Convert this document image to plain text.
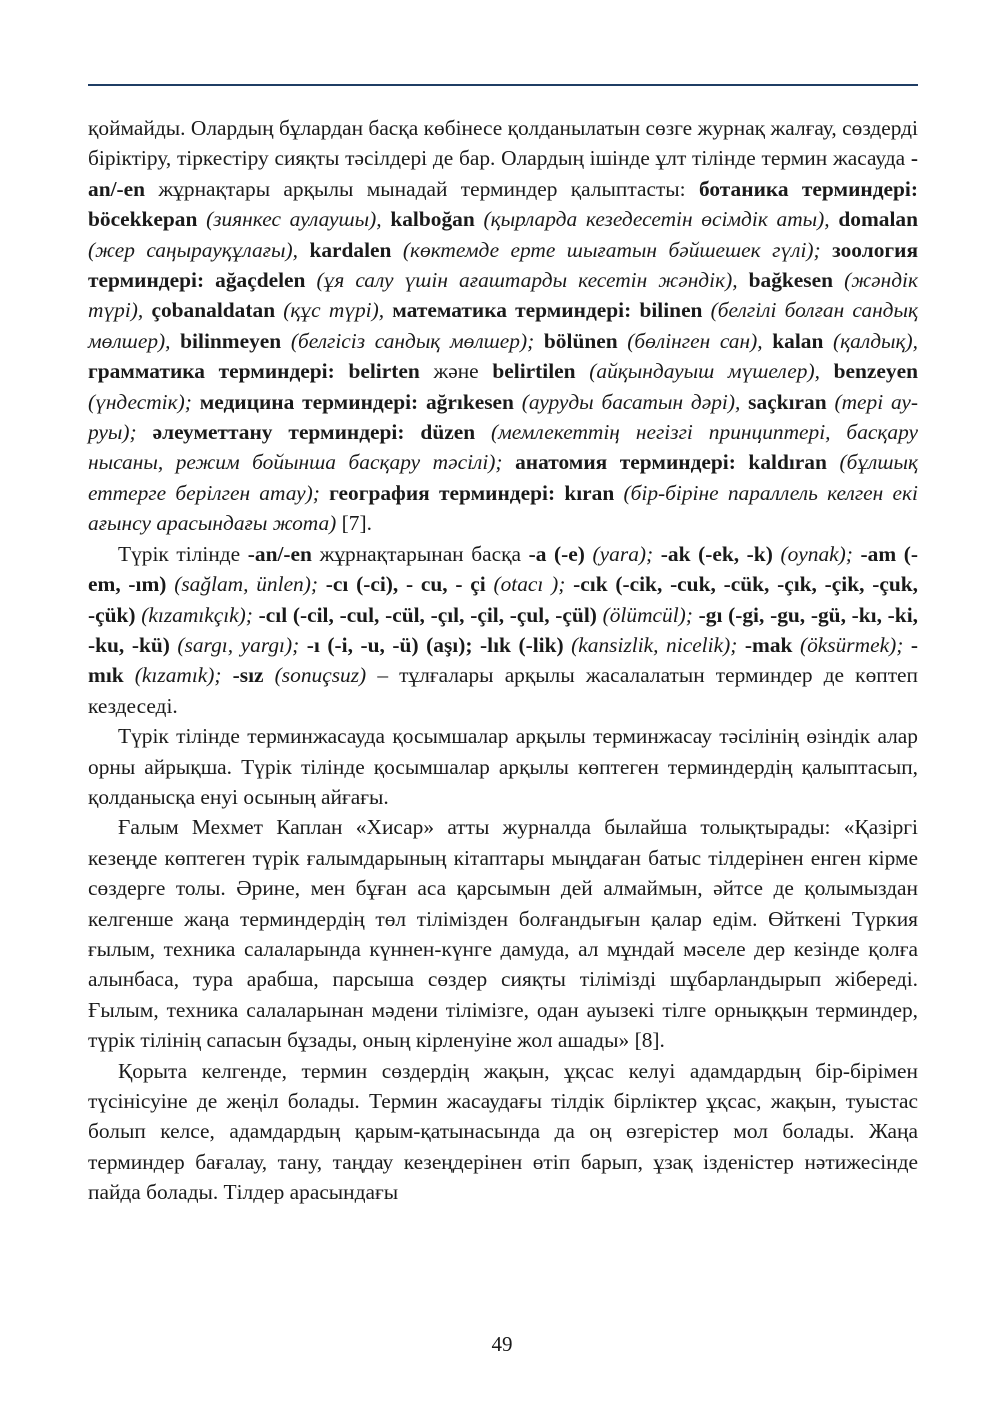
қоймайды. Олардың бұлардан басқа көбінесе қолданылатын сөзге журнақ жалғау, сөздерді біріктіру, тіркестіру сияқты тәсілдері де бар. Олардың ішінде ұлт тілінде термин жасауда -an/-en жұрнақтары арқылы мынадай терминдер қалыптасты: ботаника терминдері: böcekkepan (зиянкес аулаушы), kalboğan (қырларда кезедесетін өсімдік аты), domalan (жер саңырауқұлағы), kardalen (көктемде ерте шығатын бәйшешек гүлі); зоология терминдері: ağaçdelen (ұя салу үшін ағаштарды кесетін жәндік), bağkesen (жәндік түрі), çobanaldatan (құс түрі), математика терминдері: bilinen (белгілі болған сандық мөлшер), bilinmeyen (белгісіз сандық мөлшер); bölünen (бөлінген сан), kalan (қалдық), грамматика терминдері: belirten және belirtilen (айқындауыш мүшелер), benzeyen (үндестік); медицина терминдері: ağrıkesen (ауруды басатын дәрі), saçkıran (тері ауруы); әлеуметтану терминдері: düzen (мемлекеттің негізгі принциптері, басқару нысаны, режим бойынша басқару тәсілі); анатомия терминдері: kaldıran (бұлшық еттерге берілген атау); география терминдері: kıran (бір-біріне параллель келген екі ағынсу арасындағы жота) [7].

Түрік тілінде -an/-en жұрнақтарынан басқа -a (-e) (yara); -ak (-ek, -k) (oynak); -am (-em, -ım) (sağlam, ünlen); -cı (-ci), - cu, - çi (otacı ); -cık (-cik, -cuk, -cük, -çık, -çik, -çuk, -çük) (kızamıkçık); -cıl (-cil, -cul, -cül, -çıl, -çil, -çul, -çül) (ölümcül); -gı (-gi, -gu, -gü, -kı, -ki, -ku, -kü) (sargı, yargı); -ı (-i, -u, -ü) (aşı); -lık (-lik) (kansizlik, nicelik); -mak (öksürmek); -mık (kızamık); -sız (sonuçsuz) – тұлғалары арқылы жасалалатын терминдер де көптеп кездеседі.

Түрік тілінде терминжасауда қосымшалар арқылы терминжасау тәсілінің өзіндік алар орны айрықша. Түрік тілінде қосымшалар арқылы көптеген терминдердің қалыптасып, қолданысқа енуі осының айғағы.

Ғалым Мехмет Каплан «Хисар» атты журналда былайша толықтырады: «Қазіргі кезеңде көптеген түрік ғалымдарының кітаптары мыңдаған батыс тілдерінен енген кірме сөздерге толы. Әрине, мен бұған аса қарсымын дей алмаймын, әйтсе де қолымыздан келгенше жаңа терминдердің төл тілімізден болғандығын қалар едім. Өйткені Түркия ғылым, техника салаларында күннен-күнге дамуда, ал мұндай мәселе дер кезінде қолға алынбаса, тура арабша, парсыша сөздер сияқты тілімізді шұбарландырып жібереді. Ғылым, техника салаларынан мәдени тілімізге, одан ауызекі тілге орныққын терминдер, түрік тілінің сапасын бұзады, оның кірленуіне жол ашады» [8].

Қорыта келгенде, термин сөздердің жақын, ұқсас келуі адамдардың бір-бірімен түсінісуіне де жеңіл болады. Термин жасаудағы тілдік бірліктер ұқсас, жақын, туыстас болып келсе, адамдардың қарым-қатынасында да оң өзгерістер мол болады. Жаңа терминдер бағалау, тану, таңдау кезеңдерінен өтіп барып, ұзақ ізденістер нәтижесінде пайда болады. Тілдер арасындағы

49
